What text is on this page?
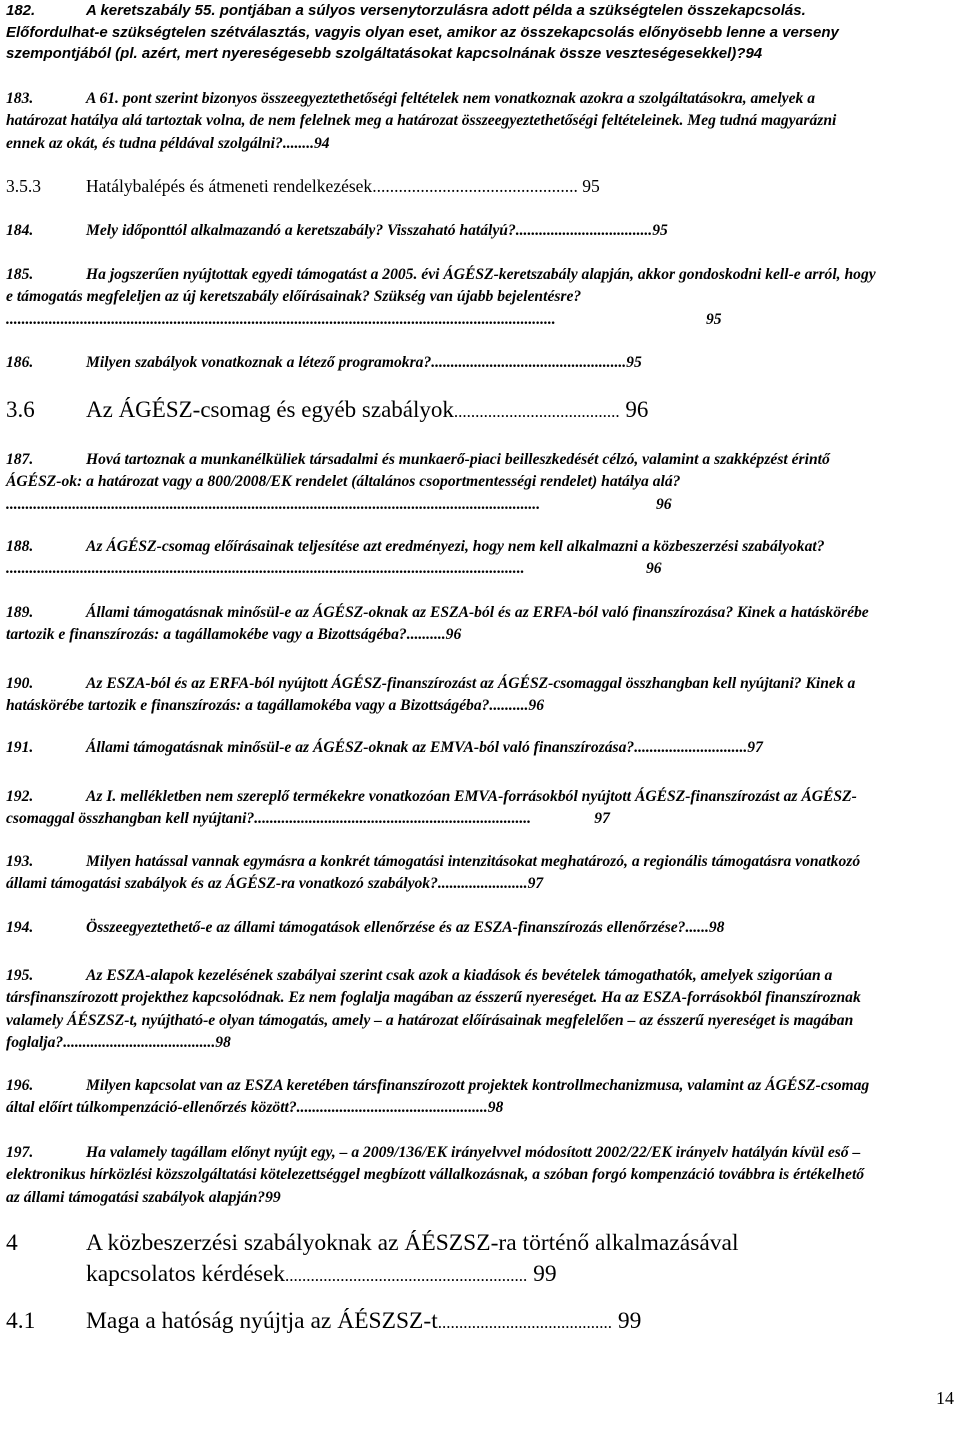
182.	A keretszabály 55. pontjában a súlyos versenytorzulásra adott példa a szükségtelen összekapcsolás. Előfordulhat-e szükségtelen szétválasztás, vagyis olyan eset, amikor az összekapcsolás előnyösebb lenne a verseny szempontjából (pl. azért, mert nyereségesebb szolgáltatásokat kapcsolnának össze veszteségesekkel)?94
183.	A 61. pont szerint bizonyos összeegyeztethetőségi feltételek nem vonatkoznak azokra a szolgáltatásokra, amelyek a határozat hatálya alá tartoztak volna, de nem felelnek meg a határozat összeegyeztethetőségi feltételeinek. Meg tudná magyarázni ennek az okát, és tudna példával szolgálni?........94
3.5.3	Hatálybalépés és átmeneti rendelkezések............................................... 95
184.	Mely időponttól alkalmazandó a keretszabály? Visszaható hatályú?...................................95
185.	Ha jogszerűen nyújtottak egyedi támogatást a 2005. évi ÁGÉSZ-keretszabály alapján, akkor gondoskodni kell-e arról, hogy e támogatás megfeleljen az új keretszabály előírásainak? Szükség van újabb bejelentésre?.............................................................................................................................................	95
186.	Milyen szabályok vonatkoznak a létező programokra?..................................................95
3.6 Az ÁGÉSZ-csomag és egyéb szabályok....................................... 96
187.	Hová tartoznak a munkanélküliek társadalmi és munkaerő-piaci beilleszkedését célzó, valamint a szakképzést érintő ÁGÉSZ-ok: a határozat vagy a 800/2008/EK rendelet (általános csoportmentességi rendelet) hatálya alá?.........................................................................................................................................	96
188.	Az ÁGÉSZ-csomag előírásainak teljesítése azt eredményezi, hogy nem kell alkalmazni a közbeszerzési szabályokat?.....................................................................................................................................	96
189.	Állami támogatásnak minősül-e az ÁGÉSZ-oknak az ESZA-ból és az ERFA-ból való finanszírozása? Kinek a hatáskörébe tartozik e finanszírozás: a tagállamokébe vagy a Bizottságéba?..........96
190.	Az ESZA-ból és az ERFA-ból nyújtott ÁGÉSZ-finanszírozást az ÁGÉSZ-csomaggal összhangban kell nyújtani? Kinek a hatáskörébe tartozik e finanszírozás: a tagállamokéba vagy a Bizottságéba?..........96
191.	Állami támogatásnak minősül-e az ÁGÉSZ-oknak az EMVA-ból való finanszírozása?.............................97
192.	Az I. mellékletben nem szereplő termékekre vonatkozóan EMVA-forrásokból nyújtott ÁGÉSZ-finanszírozást az ÁGÉSZ-csomaggal összhangban kell nyújtani?.......................................................................	97
193.	Milyen hatással vannak egymásra a konkrét támogatási intenzitásokat meghatározó, a regionális támogatásra vonatkozó állami támogatási szabályok és az ÁGÉSZ-ra vonatkozó szabályok?.......................97
194.	Összeegyeztethető-e az állami támogatások ellenőrzése és az ESZA-finanszírozás ellenőrzése?......98
195.	Az ESZA-alapok kezelésének szabályai szerint csak azok a kiadások és bevételek támogathatók, amelyek szigorúan a társfinanszírozott projekthez kapcsolódnak. Ez nem foglalja magában az ésszerű nyereséget. Ha az ESZA-forrásokból finanszíroznak valamely ÁÉSZSZ-t, nyújtható-e olyan támogatás, amely – a határozat előírásainak megfelelően – az ésszerű nyereséget is magában foglalja?.......................................98
196.	Milyen kapcsolat van az ESZA keretében társfinanszírozott projektek kontrollmechanizmusa, valamint az ÁGÉSZ-csomag által előírt túlkompenzáció-ellenőrzés között?.................................................98
197.	Ha valamely tagállam előnyt nyújt egy, – a 2009/136/EK irányelvvel módosított 2002/22/EK irányelv hatályán kívül eső – elektronikus hírközlési közszolgáltatási kötelezettséggel megbízott vállalkozásnak, a szóban forgó kompenzáció továbbra is értékelhető az állami támogatási szabályok alapján?99
4	A közbeszerzési szabályoknak az ÁÉSZSZ-ra történő alkalmazásával
kapcsolatos kérdések......................................................... 99
4.1 Maga a hatóság nyújtja az ÁÉSZSZ-t......................................... 99
14
